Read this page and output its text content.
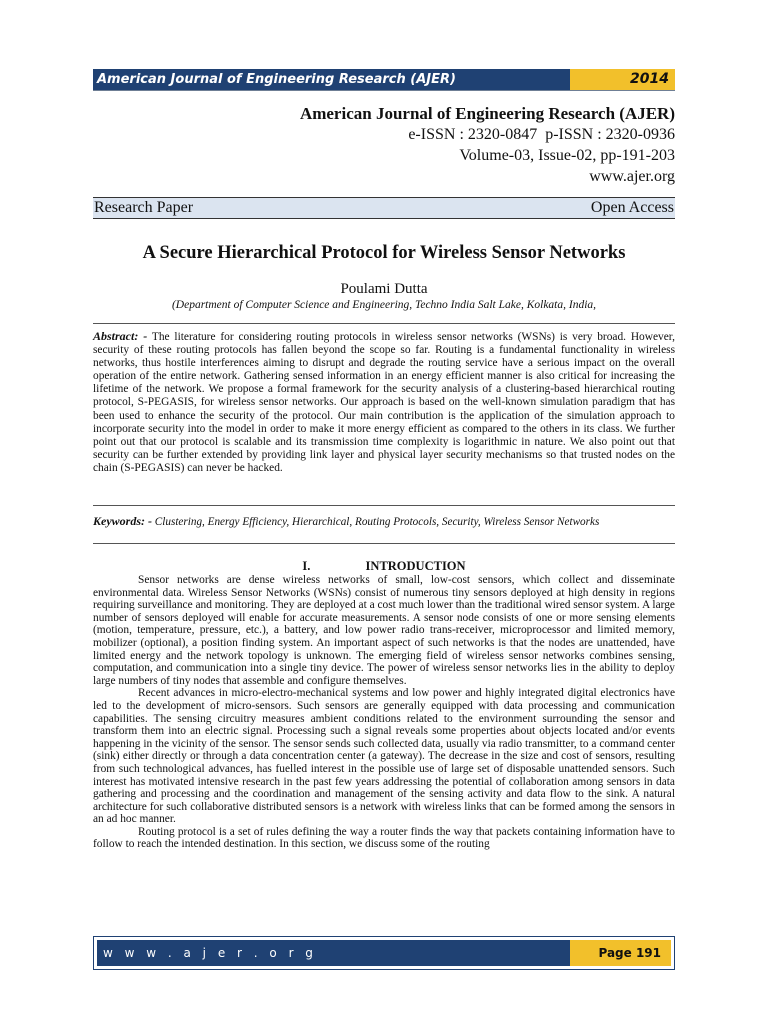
American Journal of Engineering Research (AJER)	2014
American Journal of Engineering Research (AJER)
e-ISSN : 2320-0847  p-ISSN : 2320-0936
Volume-03, Issue-02, pp-191-203
www.ajer.org
Research Paper	Open Access
A Secure Hierarchical Protocol for Wireless Sensor Networks
Poulami Dutta
(Department of Computer Science and Engineering, Techno India Salt Lake, Kolkata, India,
Abstract: - The literature for considering routing protocols in wireless sensor networks (WSNs) is very broad. However, security of these routing protocols has fallen beyond the scope so far. Routing is a fundamental functionality in wireless networks, thus hostile interferences aiming to disrupt and degrade the routing service have a serious impact on the overall operation of the entire network. Gathering sensed information in an energy efficient manner is also critical for increasing the lifetime of the network. We propose a formal framework for the security analysis of a clustering-based hierarchical routing protocol, S-PEGASIS, for wireless sensor networks. Our approach is based on the well-known simulation paradigm that has been used to enhance the security of the protocol. Our main contribution is the application of the simulation approach to incorporate security into the model in order to make it more energy efficient as compared to the others in its class. We further point out that our protocol is scalable and its transmission time complexity is logarithmic in nature. We also point out that security can be further extended by providing link layer and physical layer security mechanisms so that trusted nodes on the chain (S-PEGASIS) can never be hacked.
Keywords: - Clustering, Energy Efficiency, Hierarchical, Routing Protocols, Security, Wireless Sensor Networks
I.	INTRODUCTION

Sensor networks are dense wireless networks of small, low-cost sensors, which collect and disseminate environmental data. Wireless Sensor Networks (WSNs) consist of numerous tiny sensors deployed at high density in regions requiring surveillance and monitoring. They are deployed at a cost much lower than the traditional wired sensor system. A large number of sensors deployed will enable for accurate measurements. A sensor node consists of one or more sensing elements (motion, temperature, pressure, etc.), a battery, and low power radio trans-receiver, microprocessor and limited memory, mobilizer (optional), a position finding system. An important aspect of such networks is that the nodes are unattended, have limited energy and the network topology is unknown. The emerging field of wireless sensor networks combines sensing, computation, and communication into a single tiny device. The power of wireless sensor networks lies in the ability to deploy large numbers of tiny nodes that assemble and configure themselves.

Recent advances in micro-electro-mechanical systems and low power and highly integrated digital electronics have led to the development of micro-sensors. Such sensors are generally equipped with data processing and communication capabilities. The sensing circuitry measures ambient conditions related to the environment surrounding the sensor and transform them into an electric signal. Processing such a signal reveals some properties about objects located and/or events happening in the vicinity of the sensor. The sensor sends such collected data, usually via radio transmitter, to a command center (sink) either directly or through a data concentration center (a gateway). The decrease in the size and cost of sensors, resulting from such technological advances, has fuelled interest in the possible use of large set of disposable unattended sensors. Such interest has motivated intensive research in the past few years addressing the potential of collaboration among sensors in data gathering and processing and the coordination and management of the sensing activity and data flow to the sink. A natural architecture for such collaborative distributed sensors is a network with wireless links that can be formed among the sensors in an ad hoc manner.

Routing protocol is a set of rules defining the way a router finds the way that packets containing information have to follow to reach the intended destination. In this section, we discuss some of the routing

w w w . a j e r . o r g	Page 191
